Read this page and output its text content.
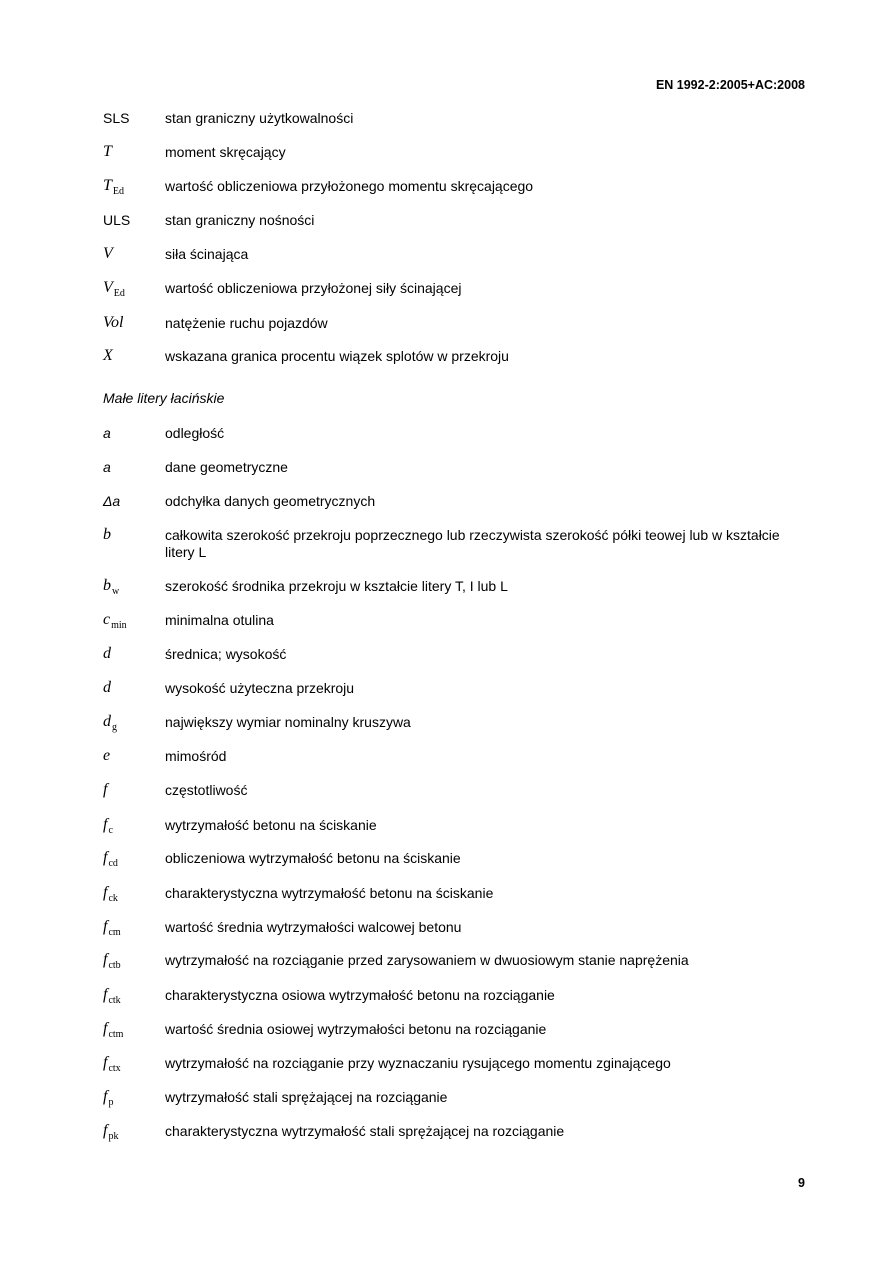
EN 1992-2:2005+AC:2008
SLS	stan graniczny użytkowalności
T	moment skręcający
$T_{Ed}$	wartość obliczeniowa przyłożonego momentu skręcającego
ULS	stan graniczny nośności
V	siła ścinająca
$V_{Ed}$	wartość obliczeniowa przyłożonej siły ścinającej
Vol	natężenie ruchu pojazdów
X	wskazana granica procentu wiązek splotów w przekroju
Małe litery łacińskie
a	odległość
a	dane geometryczne
Δa	odchyłka danych geometrycznych
b	całkowita szerokość przekroju poprzecznego lub rzeczywista szerokość półki teowej lub w kształcie litery L
$b_w$	szerokość środnika przekroju w kształcie litery T, I lub L
$c_{min}$	minimalna otulina
d	średnica; wysokość
d	wysokość użyteczna przekroju
$d_g$	największy wymiar nominalny kruszywa
e	mimośród
f	częstotliwość
$f_c$	wytrzymałość betonu na ściskanie
$f_{cd}$	obliczeniowa wytrzymałość betonu na ściskanie
$f_{ck}$	charakterystyczna wytrzymałość betonu na ściskanie
$f_{cm}$	wartość średnia wytrzymałości walcowej betonu
$f_{ctb}$	wytrzymałość na rozciąganie przed zarysowaniem w dwuosiowym stanie naprężenia
$f_{ctk}$	charakterystyczna osiowa wytrzymałość betonu na rozciąganie
$f_{ctm}$	wartość średnia osiowej wytrzymałości betonu na rozciąganie
$f_{ctx}$	wytrzymałość na rozciąganie przy wyznaczaniu rysującego momentu zginającego
$f_p$	wytrzymałość stali sprężającej na rozciąganie
$f_{pk}$	charakterystyczna wytrzymałość stali sprężającej na rozciąganie
9
